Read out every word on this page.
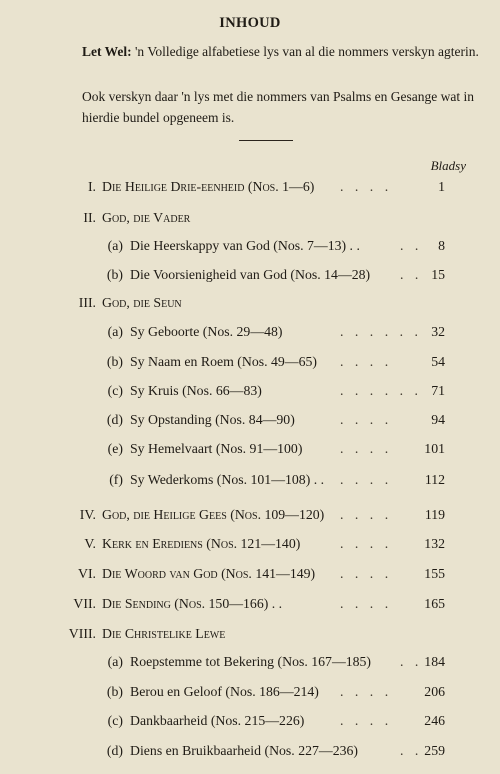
INHOUD
Let Wel: 'n Volledige alfabetiese lys van al die nommers verskyn agterin.
Ook verskyn daar 'n lys met die nommers van Psalms en Gesange wat in hierdie bundel opgeneem is.
Bladsy
I. Die Heilige Drie-eenheid (Nos. 1—6) . . . .	1
II. God, die Vader
(a) Die Heerskappy van God (Nos. 7—13) . .	. .	8
(b) Die Voorsienigheid van God (Nos. 14—28) . . 15
III. God, die Seun
(a) Sy Geboorte (Nos. 29—48)	. . . . . . 32
(b) Sy Naam en Roem (Nos. 49—65) . . . .	54
(c) Sy Kruis (Nos. 66—83)	. . . . . . 71
(d) Sy Opstanding (Nos. 84—90)	. . . .	94
(e) Sy Hemelvaart (Nos. 91—100)	. . . .	101
(f) Sy Wederkoms (Nos. 101—108) . . . . . .	112
IV. God, die Heilige Gees (Nos. 109—120) . . . .	119
V. Kerk en Erediens (Nos. 121—140)	. . . .	132
VI. Die Woord van God (Nos. 141—149) . . . .	155
VII. Die Sending (Nos. 150—166) . .	. . . .	165
VIII. Die Christelike Lewe
(a) Roepstemme tot Bekering (Nos. 167—185) . . 184
(b) Berou en Geloof (Nos. 186—214) . . . .	206
(c) Dankbaarheid (Nos. 215—226)	. . . .	246
(d) Diens en Bruikbaarheid (Nos. 227—236)	. . 259
